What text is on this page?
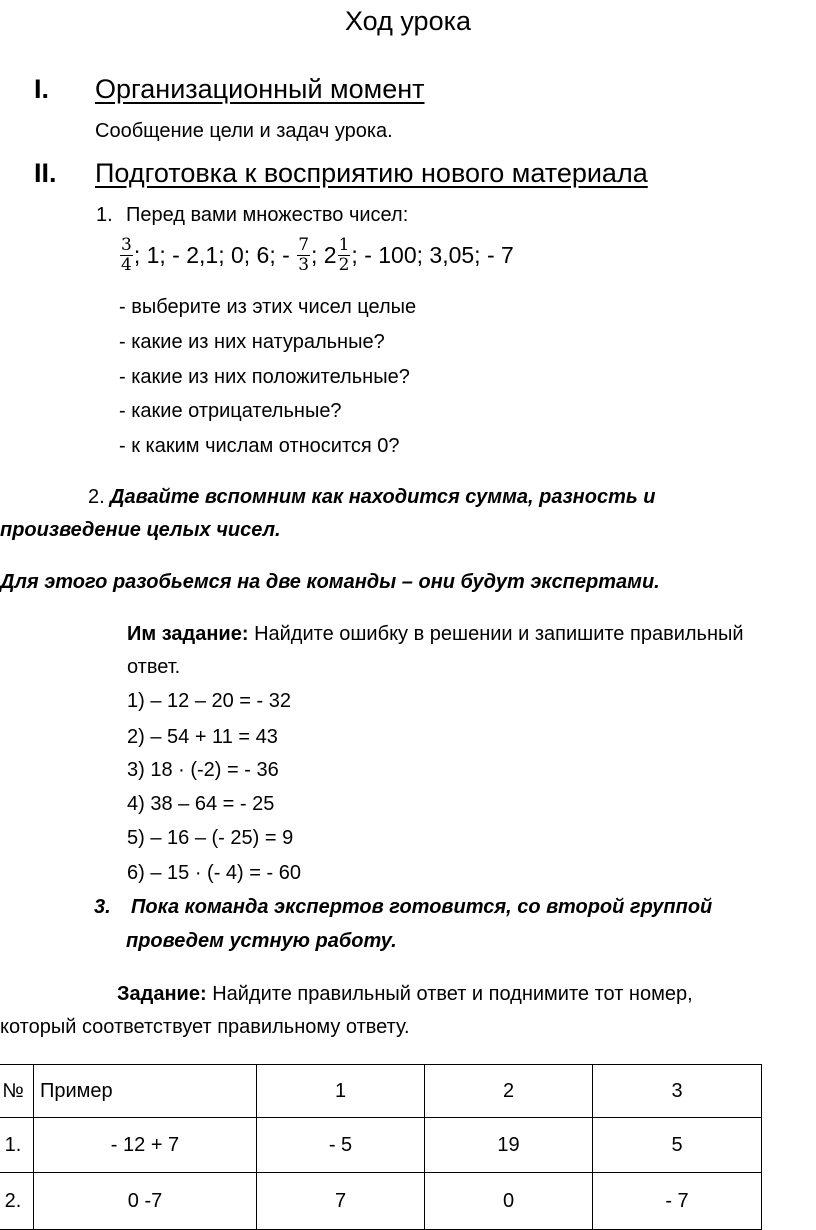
Ход урока
I. Организационный момент
Сообщение цели и задач урока.
II. Подготовка к восприятию нового материала
1. Перед вами множество чисел:
$\frac{3}{4}$ ; 1; - 2,1; 0; 6; - $\frac{7}{3}$ ; $2 \frac{1}{2}$ ; - 100; 3,05; - 7
- выберите из этих чисел целые
- какие из них натуральные?
- какие из них положительные?
- какие отрицательные?
- к каким числам относится 0?
2. Давайте вспомним как находится сумма, разность и
произведение целых чисел.
Для этого разобьемся на две команды – они будут экспертами.
Им задание: Найдите ошибку в решении и запишите правильный
ответ.
1) – 12 – 20 = - 32
2) – 54 + 11 = 43
3) 18 · (-2) = - 36
4) 38 – 64 = - 25
5) – 16 – (- 25) = 9
6) – 15 · (- 4) = - 60
3. Пока команда экспертов готовится, со второй группой
проведем устную работу.
Задание: Найдите правильный ответ и поднимите тот номер,
который соответствует правильному ответу.
№	Пример	1	2	3
1.	- 12 + 7	- 5	19	5
2.	0 -7	7	0	- 7
